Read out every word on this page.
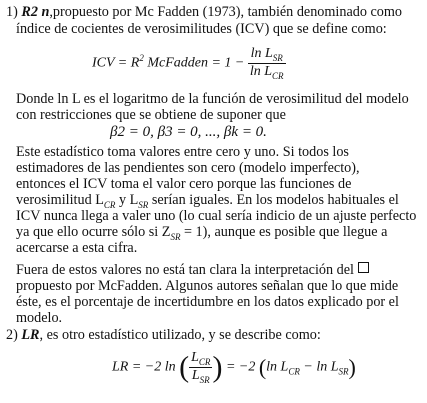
1) R2 n,propuesto por Mc Fadden (1973), también denominado como
índice de cocientes de verosimilitudes (ICV) que se define como:
ICV = $R^2$ McFadden = $1 - \frac{\ln L_{SR}}{\ln L_{CR}}$
Donde ln L es el logaritmo de la función de verosimilitud del modelo
con restricciones que se obtiene de suponer que
β2 = 0, β3 = 0, ..., βk = 0.
Este estadístico toma valores entre cero y uno. Si todos los
estimadores de las pendientes son cero (modelo imperfecto),
entonces el ICV toma el valor cero porque las funciones de
verosimilitud $L_{CR}$ y $L_{SR}$ serían iguales. En los modelos habituales el
ICV nunca llega a valer uno (lo cual sería indicio de un ajuste perfecto
ya que ello ocurre sólo si $Z_{SR} = 1$), aunque es posible que llegue a
acercarse a esta cifra.
Fuera de estos valores no está tan clara la interpretación del
propuesto por McFadden. Algunos autores señalan que lo que mide
éste, es el porcentaje de incertidumbre en los datos explicado por el
modelo.
2) LR, es otro estadístico utilizado, y se describe como:
LR = −2 ln ( $\frac{L_{CR}}{L_{SR}}$ ) = −2 (ln $L_{CR} - \ln L_{SR}$)
